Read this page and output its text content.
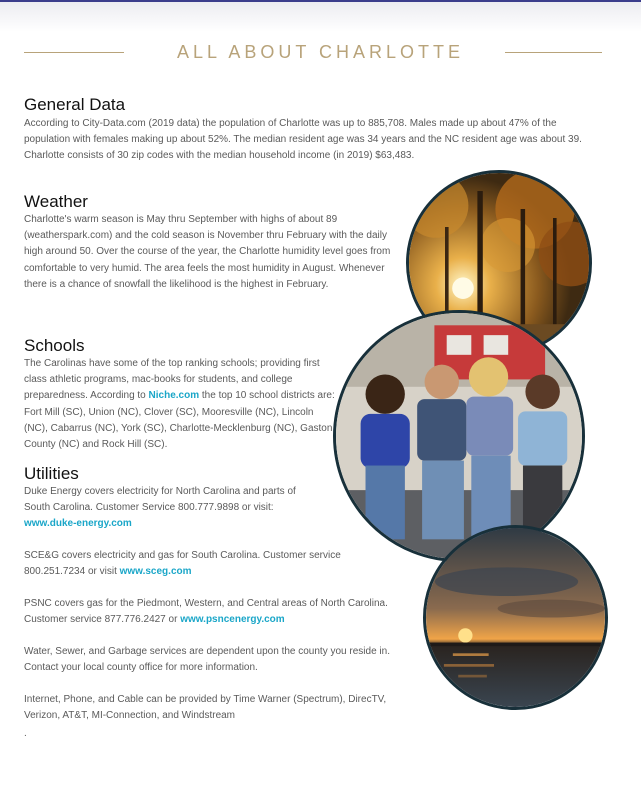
ALL ABOUT CHARLOTTE
General Data

According to City-Data.com (2019 data) the population of Charlotte was up to 885,708. Males made up about 47% of the population with females making up about 52%. The median resident age was 34 years and the NC resident age was about 39. Charlotte consists of 30 zip codes with the median household income (in 2019) $63,483.

Weather

Charlotte's warm season is May thru September with highs of about 89 (weatherspark.com) and the cold season is November thru February with the daily high around 50. Over the course of the year, the Charlotte humidity level goes from comfortable to very humid. The area feels the most humidity in August. Whenever there is a chance of snowfall the likelihood is the highest in February.

Schools

The Carolinas have some of the top ranking schools; providing first class athletic programs, mac-books for students, and college preparedness. According to Niche.com the top 10 school districts are: Fort Mill (SC), Union (NC), Clover (SC), Mooresville (NC), Lincoln (NC), Cabarrus (NC), York (SC), Charlotte-Mecklenburg (NC), Gaston County (NC) and Rock Hill (SC).

Utilities

Duke Energy covers electricity for North Carolina and parts of South Carolina. Customer Service 800.777.9898 or visit:
www.duke-energy.com

SCE&G covers electricity and gas for South Carolina. Customer service 800.251.7234 or visit www.sceg.com

PSNC covers gas for the Piedmont, Western, and Central areas of North Carolina. Customer service 877.776.2427 or www.psncenergy.com

Water, Sewer, and Garbage services are dependent upon the county you reside in. Contact your local county office for more information.

Internet, Phone, and Cable can be provided by Time Warner (Spectrum), DirecTV, Verizon, AT&T, MI-Connection, and Windstream

.
